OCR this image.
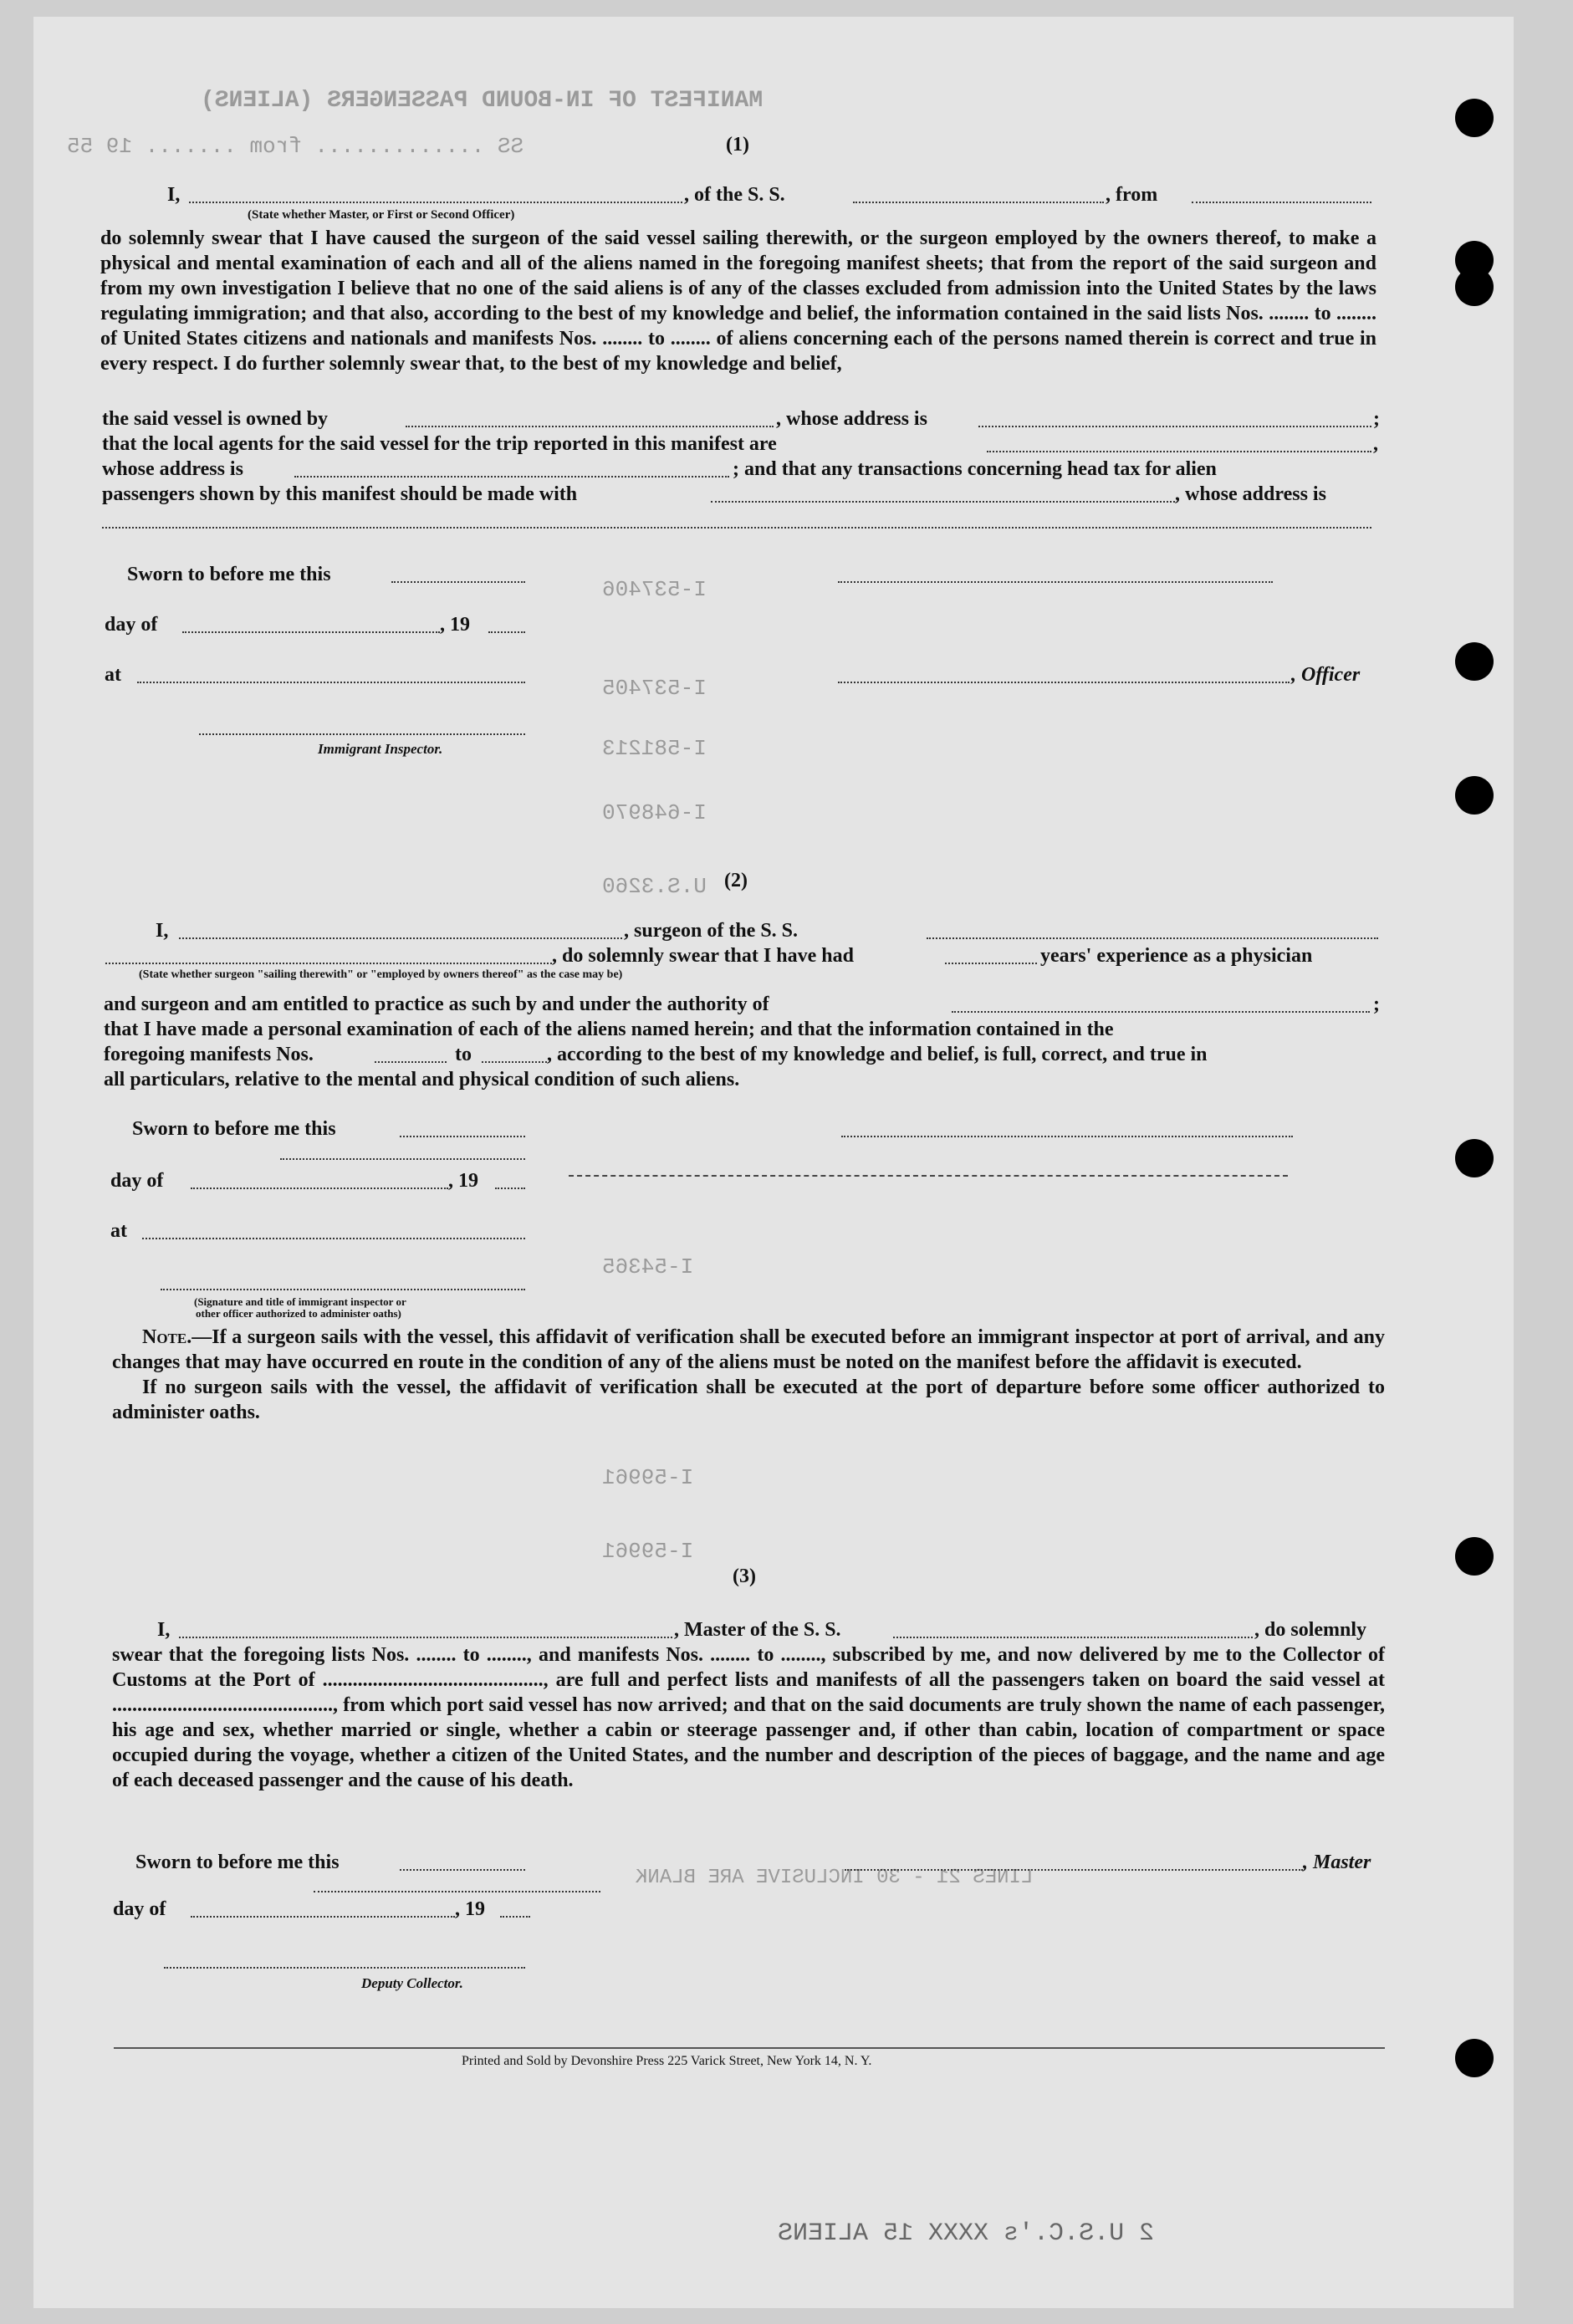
MANIFEST OF IN-BOUND PASSENGERS (ALIENS)
SS ............. from ....... 19 55
I-537406
I-537405
I-581213
I-648970
U.S.3260
I-54365
I-59961
I-59961
LINES 21 - 30 INCLUSIVE ARE BLANK
(1)
I,	, of the S. S.	, from
(State whether Master, or First or Second Officer)

do solemnly swear that I have caused the surgeon of the said vessel sailing therewith, or the surgeon employed by the owners thereof, to make a physical and mental examination of each and all of the aliens named in the foregoing manifest sheets; that from the report of the said surgeon and from my own investigation I believe that no one of the said aliens is of any of the classes excluded from admission into the United States by the laws regulating immigration; and that also, according to the best of my knowledge and belief, the information contained in the said lists Nos. ........ to ........ of United States citizens and nationals and manifests Nos. ........ to ........ of aliens concerning each of the persons named therein is correct and true in every respect. I do further solemnly swear that, to the best of my knowledge and belief,

the said vessel is owned by	, whose address is	;
that the local agents for the said vessel for the trip reported in this manifest are	,
whose address is	; and that any transactions concerning head tax for alien
passengers shown by this manifest should be made with	, whose address is
Sworn to before me this
day of	, 19
at	, Officer
Immigrant Inspector.
(2)
I,	, surgeon of the S. S.
, do solemnly swear that I have had	years' experience as a physician
(State whether surgeon "sailing therewith" or "employed by owners thereof" as the case may be)
and surgeon and am entitled to practice as such by and under the authority of	;
that I have made a personal examination of each of the aliens named herein; and that the information contained in the
foregoing manifests Nos.	to	, according to the best of my knowledge and belief, is full, correct, and true in
all particulars, relative to the mental and physical condition of such aliens.
Sworn to before me this
day of	, 19
at
(Signature and title of immigrant inspector or
other officer authorized to administer oaths)

Note.—If a surgeon sails with the vessel, this affidavit of verification shall be executed before an immigrant inspector at port of arrival, and any changes that may have occurred en route in the condition of any of the aliens must be noted on the manifest before the affidavit is executed.

If no surgeon sails with the vessel, the affidavit of verification shall be executed at the port of departure before some officer authorized to administer oaths.

(3)
I,	, Master of the S. S.	, do solemnly

swear that the foregoing lists Nos. ........ to ........, and manifests Nos. ........ to ........, subscribed by me, and now delivered by me to the Collector of Customs at the Port of ............................................, are full and perfect lists and manifests of all the passengers taken on board the said vessel at ............................................, from which port said vessel has now arrived; and that on the said documents are truly shown the name of each passenger, his age and sex, whether married or single, whether a cabin or steerage passenger and, if other than cabin, location of compartment or space occupied during the voyage, whether a citizen of the United States, and the number and description of the pieces of baggage, and the name and age of each deceased passenger and the cause of his death.

Sworn to before me this	, Master
day of	, 19
Deputy Collector.
Printed and Sold by Devonshire Press 225 Varick Street, New York 14, N. Y.
2 U.S.C.'s XXXX 15 ALIENS
